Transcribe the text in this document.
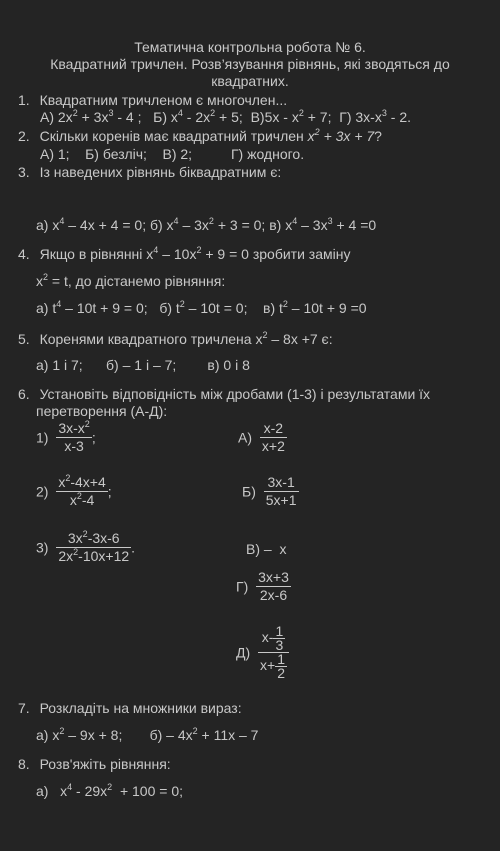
Тематична контрольна робота № 6.
Квадратний тричлен. Розв’язування рівнянь, які зводяться до
квадратних.
1. Квадратним тричленом є многочлен...
А) $2x^2 + 3x^3 - 4$ ; Б) $x^4 - 2x^2 + 5$; $В)5x - x^2 + 7$; Г) $3x-x^3 - 2$.
2. Скільки коренів має квадратний тричлен $x^2 + 3x + 7$?
А) 1;    Б) безліч;    В) 2;          Г) жодного.
3. Із наведених рівнянь біквадратним є:
а) $x^4 - 4x + 4 = 0$; б) $x^4 - 3x^2 + 3 = 0$; в) $x^4 - 3x^3 + 4 =0$
4. Якщо в рівнянні $x^4 - 10x^2 + 9 = 0$ зробити заміну
$x^2 = t$, до дістанемо рівняння:
а) $t^4 - 10t + 9 = 0$;   б) $t^2 - 10t = 0$;    в) $t^2 - 10t + 9 =0$
5. Коренями квадратного тричлена $x^2 - 8x +7$ є:
а) 1 і 7;      б) – 1 і – 7;        в) 0 і 8
6. Установіть відповідність між дробами (1-3) і результатами їх
перетворення (А-Д):
$1) \frac{3x-x^2}{x-3}$ ;
$2) \frac{x^2-4x+4}{x^2-4}$ ;
$3) \frac{3x^2-3x-6}{2x^2-10x+12}$ .
$А) \frac{x-2}{x+2}$
$Б) \frac{3x-1}{5x+1}$
В) –  x
$Г) \frac{3x+3}{2x-6}$
$Д) \frac{x- \frac{1}{3}}{x+ \frac{1}{2}}$
7. Розкладіть на множники вираз:
а) $x^2 - 9x + 8$;       $б) - 4x^2 + 11x - 7$
8. Розв'яжіть рівняння:
а)   $x^4 - 29x^2 + 100 = 0$;
